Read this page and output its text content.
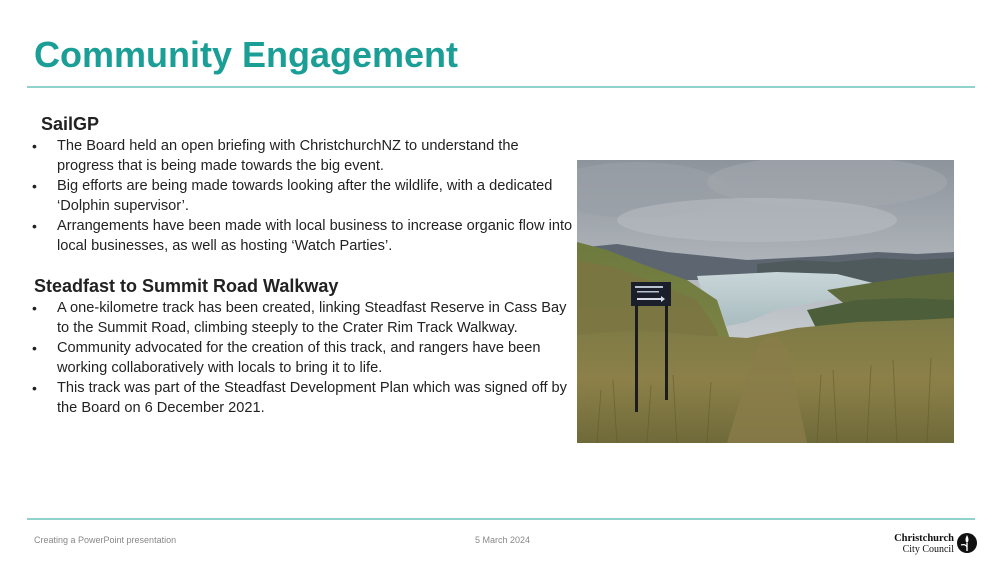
Community Engagement
SailGP
• The Board held an open briefing with ChristchurchNZ to understand the progress that is being made towards the big event.
• Big efforts are being made towards looking after the wildlife, with a dedicated ‘Dolphin supervisor’.
• Arrangements have been made with local business to increase organic flow into local businesses, as well as hosting ‘Watch Parties’.
Steadfast to Summit Road Walkway
• A one-kilometre track has been created, linking Steadfast Reserve in Cass Bay to the Summit Road, climbing steeply to the Crater Rim Track Walkway.
• Community advocated for the creation of this track, and rangers have been working collaboratively with locals to bring it to life.
• This track was part of the Steadfast Development Plan which was signed off by the Board on 6 December 2021.
Creating a PowerPoint presentation	5 March 2024	Christchurch
City Council
